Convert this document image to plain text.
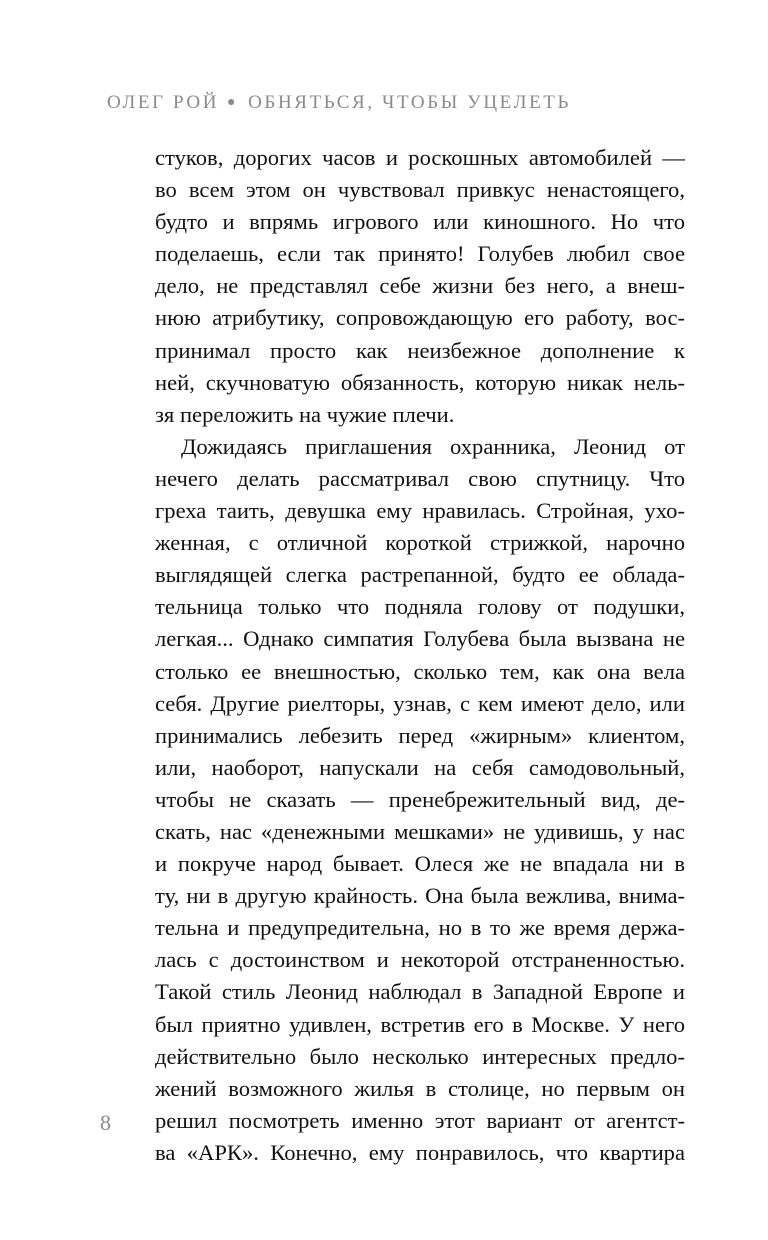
ОЛЕГ РОЙ ● ОБНЯТЬСЯ, ЧТОБЫ УЦЕЛЕТЬ
стуков, дорогих часов и роскошных автомобилей —
во всем этом он чувствовал привкус ненастоящего,
будто и впрямь игрового или киношного. Но что
поделаешь, если так принято! Голубев любил свое
дело, не представлял себе жизни без него, а внеш-
нюю атрибутику, сопровождающую его работу, вос-
принимал просто как неизбежное дополнение к
ней, скучноватую обязанность, которую никак нель-
зя переложить на чужие плечи.
Дожидаясь приглашения охранника, Леонид от
нечего делать рассматривал свою спутницу. Что
греха таить, девушка ему нравилась. Стройная, ухо-
женная, с отличной короткой стрижкой, нарочно
выглядящей слегка растрепанной, будто ее облада-
тельница только что подняла голову от подушки,
легкая... Однако симпатия Голубева была вызвана не
столько ее внешностью, сколько тем, как она вела
себя. Другие риелторы, узнав, с кем имеют дело, или
принимались лебезить перед «жирным» клиентом,
или, наоборот, напускали на себя самодовольный,
чтобы не сказать — пренебрежительный вид, де-
скать, нас «денежными мешками» не удивишь, у нас
и покруче народ бывает. Олеся же не впадала ни в
ту, ни в другую крайность. Она была вежлива, внима-
тельна и предупредительна, но в то же время держа-
лась с достоинством и некоторой отстраненностью.
Такой стиль Леонид наблюдал в Западной Европе и
был приятно удивлен, встретив его в Москве. У него
действительно было несколько интересных предло-
жений возможного жилья в столице, но первым он
решил посмотреть именно этот вариант от агентст-
ва «АРК». Конечно, ему понравилось, что квартира
8
